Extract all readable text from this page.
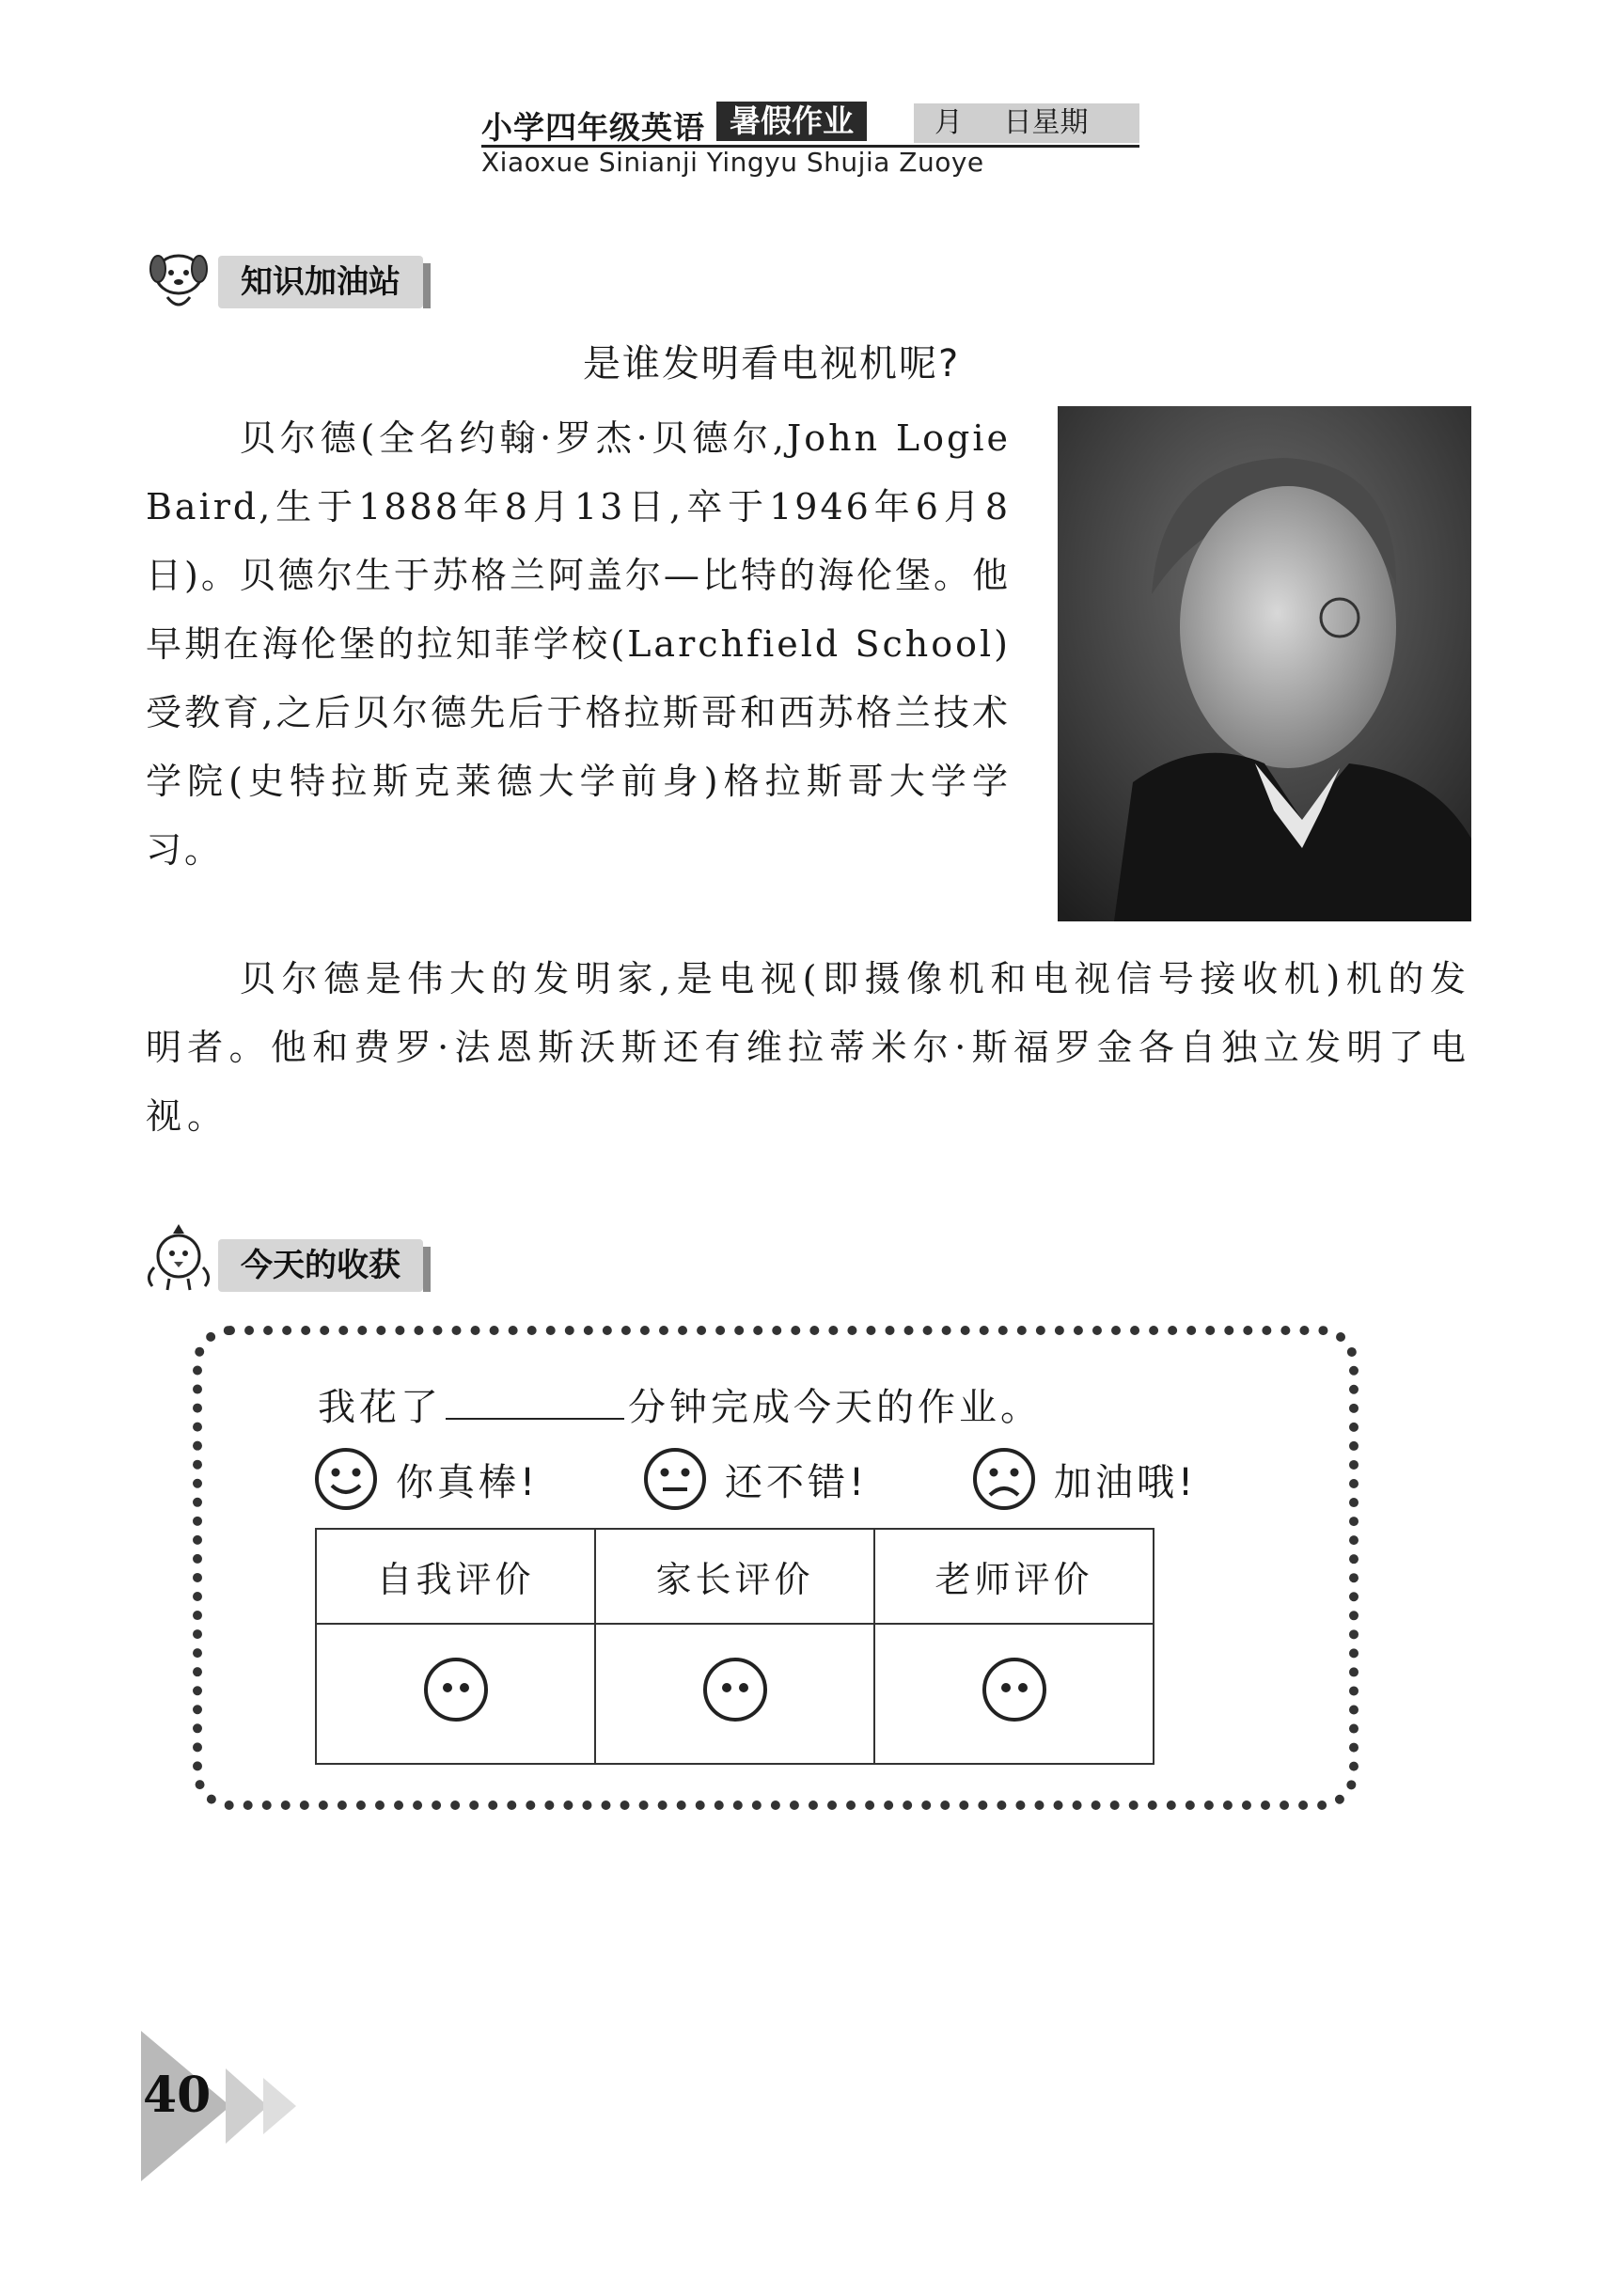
小学四年级英语 暑假作业	月 日星期
Xiaoxue Sinianji Yingyu Shujia Zuoye
知识加油站
是谁发明看电视机呢?
贝尔德(全名约翰·罗杰·贝德尔,John Logie Baird,生于1888年8月13日,卒于1946年6月8日)。贝德尔生于苏格兰阿盖尔—比特的海伦堡。他早期在海伦堡的拉知菲学校(Larchfield School)受教育,之后贝尔德先后于格拉斯哥和西苏格兰技术学院(史特拉斯克莱德大学前身)格拉斯哥大学学习。
贝尔德是伟大的发明家,是电视(即摄像机和电视信号接收机)机的发明者。他和费罗·法恩斯沃斯还有维拉蒂米尔·斯福罗金各自独立发明了电视。
今天的收获
我花了	分钟完成今天的作业。
你真棒!	还不错!	加油哦!
自我评价	家长评价	老师评价

40
